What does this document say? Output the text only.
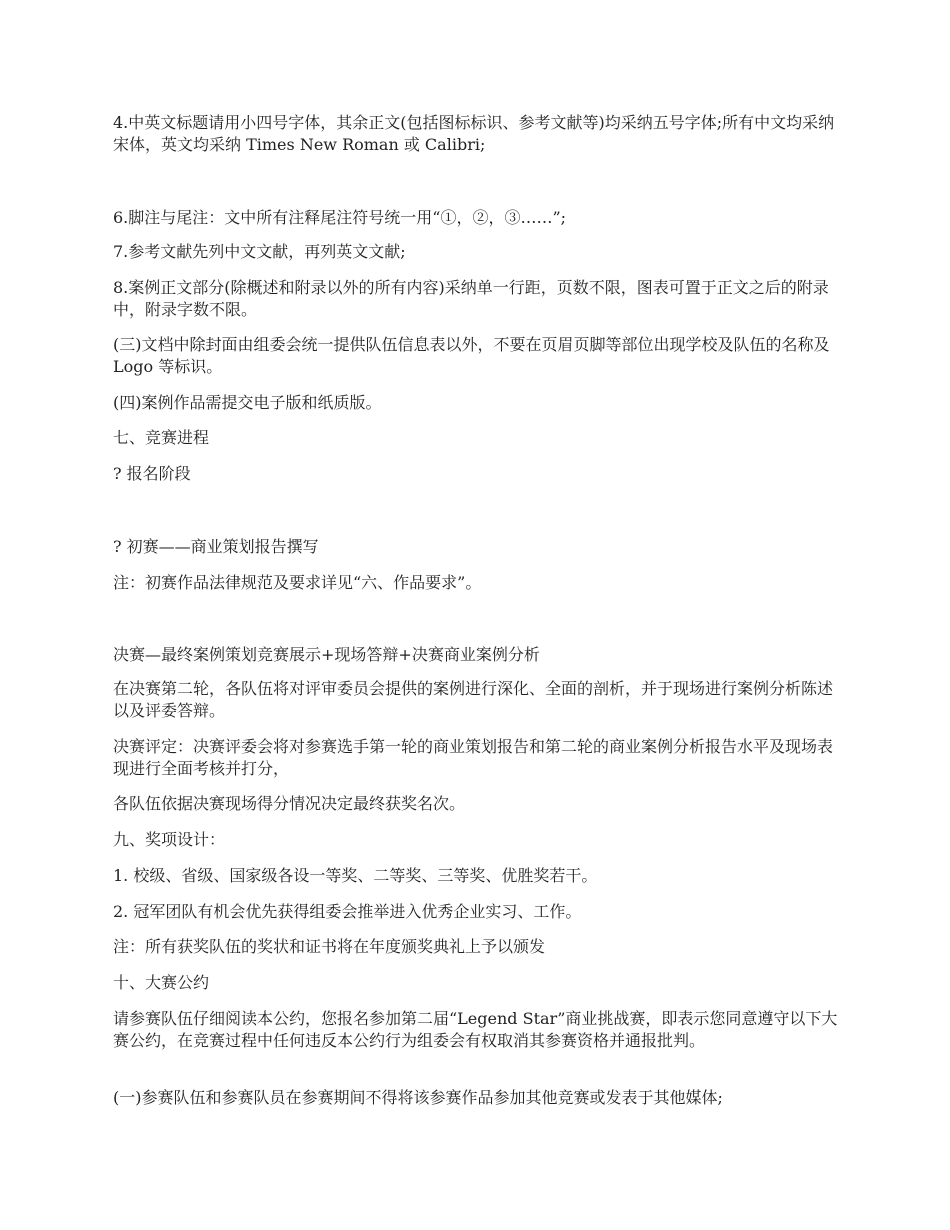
4.中英文标题请用小四号字体，其余正文(包括图标标识、参考文献等)均采纳五号字体;所有中文均采纳宋体，英文均采纳 Times New Roman 或 Calibri;

6.脚注与尾注：文中所有注释尾注符号统一用“①，②，③……”;

7.参考文献先列中文文献，再列英文文献;

8.案例正文部分(除概述和附录以外的所有内容)采纳单一行距，页数不限，图表可置于正文之后的附录中，附录字数不限。

(三)文档中除封面由组委会统一提供队伍信息表以外，不要在页眉页脚等部位出现学校及队伍的名称及 Logo 等标识。

(四)案例作品需提交电子版和纸质版。

七、竞赛进程

? 报名阶段

? 初赛——商业策划报告撰写

注：初赛作品法律规范及要求详见“六、作品要求”。

决赛—最终案例策划竞赛展示+现场答辩+决赛商业案例分析

在决赛第二轮，各队伍将对评审委员会提供的案例进行深化、全面的剖析，并于现场进行案例分析陈述以及评委答辩。

决赛评定：决赛评委会将对参赛选手第一轮的商业策划报告和第二轮的商业案例分析报告水平及现场表现进行全面考核并打分，

各队伍依据决赛现场得分情况决定最终获奖名次。

九、奖项设计：

1. 校级、省级、国家级各设一等奖、二等奖、三等奖、优胜奖若干。

2. 冠军团队有机会优先获得组委会推举进入优秀企业实习、工作。

注：所有获奖队伍的奖状和证书将在年度颁奖典礼上予以颁发

十、大赛公约

请参赛队伍仔细阅读本公约，您报名参加第二届“Legend Star”商业挑战赛，即表示您同意遵守以下大赛公约，在竞赛过程中任何违反本公约行为组委会有权取消其参赛资格并通报批判。

(一)参赛队伍和参赛队员在参赛期间不得将该参赛作品参加其他竞赛或发表于其他媒体;
